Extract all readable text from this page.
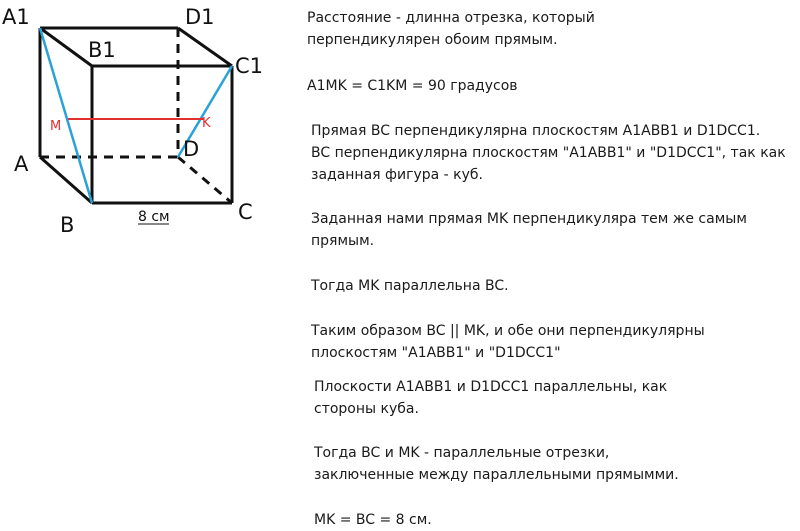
A1	D1
B1
C1
A
D
B
C
M	K
8 см
Расстояние - длинна отрезка, который
перпендикулярен обоим прямым.
A1MK = C1KM = 90 градусов
Прямая BC перпендикулярна плоскостям A1ABB1 и D1DCC1.
BC перпендикулярна плоскостям "A1ABB1" и "D1DCC1", так как
заданная фигура - куб.
Заданная нами прямая MK перпендикуляра тем же самым
прямым.
Тогда MK параллельна BC.
Таким образом BC || MK, и обе они перпендикулярны
плоскостям "A1ABB1" и "D1DCC1"
Плоскости A1ABB1 и D1DCC1 параллельны, как
стороны куба.
Тогда BC и MK - параллельные отрезки,
заключенные между параллельными прямымми.
MK = BC = 8 см.
